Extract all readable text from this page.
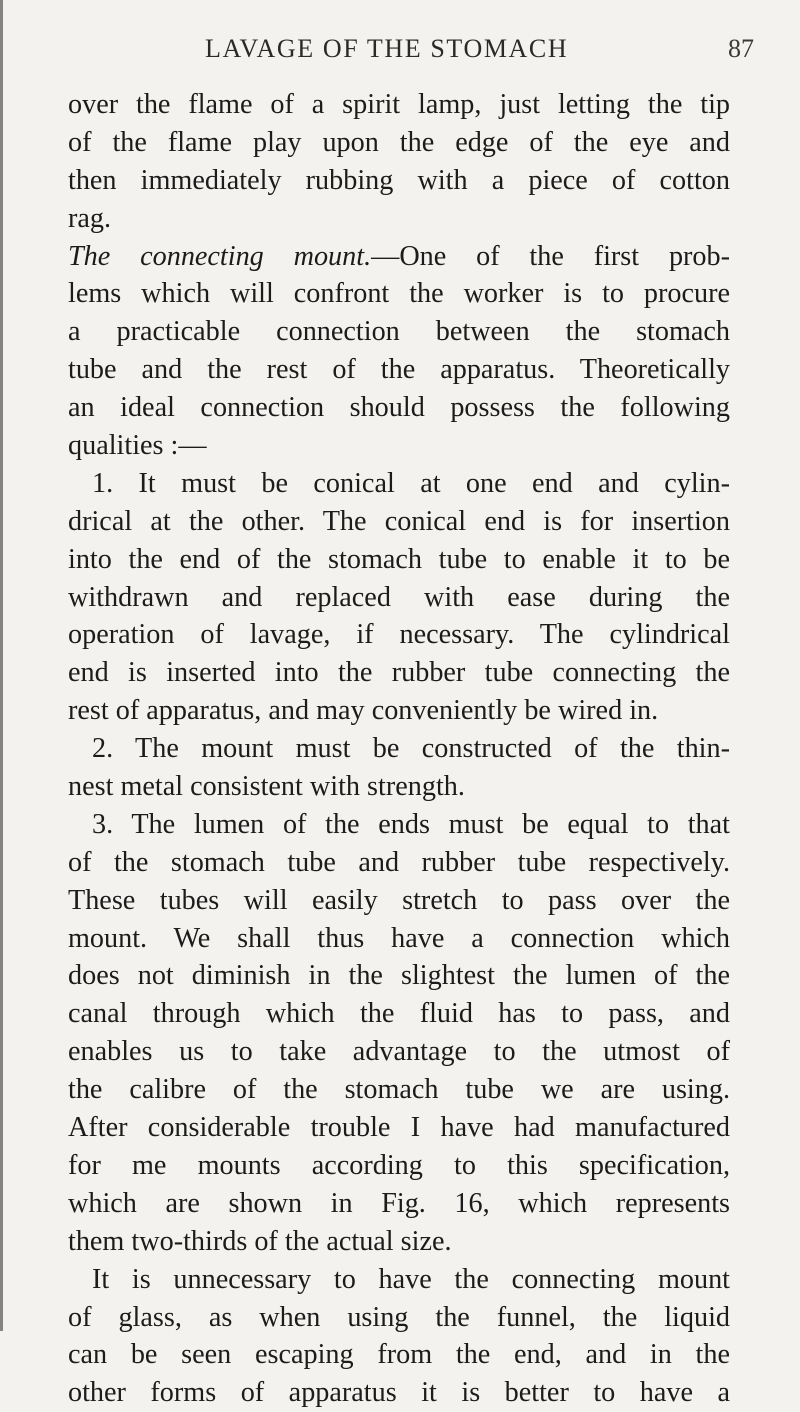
LAVAGE OF THE STOMACH	87
over the flame of a spirit lamp, just letting the tip
of the flame play upon the edge of the eye and
then immediately rubbing with a piece of cotton
rag.
The connecting mount.—One of the first prob-
lems which will confront the worker is to procure
a practicable connection between the stomach
tube and the rest of the apparatus. Theoretically
an ideal connection should possess the following
qualities :—
1. It must be conical at one end and cylin-
drical at the other. The conical end is for insertion
into the end of the stomach tube to enable it to be
withdrawn and replaced with ease during the
operation of lavage, if necessary. The cylindrical
end is inserted into the rubber tube connecting the
rest of apparatus, and may conveniently be wired in.
2. The mount must be constructed of the thin-
nest metal consistent with strength.
3. The lumen of the ends must be equal to that
of the stomach tube and rubber tube respectively.
These tubes will easily stretch to pass over the
mount. We shall thus have a connection which
does not diminish in the slightest the lumen of the
canal through which the fluid has to pass, and
enables us to take advantage to the utmost of
the calibre of the stomach tube we are using.
After considerable trouble I have had manufactured
for me mounts according to this specification,
which are shown in Fig. 16, which represents
them two-thirds of the actual size.
It is unnecessary to have the connecting mount
of glass, as when using the funnel, the liquid
can be seen escaping from the end, and in the
other forms of apparatus it is better to have a
